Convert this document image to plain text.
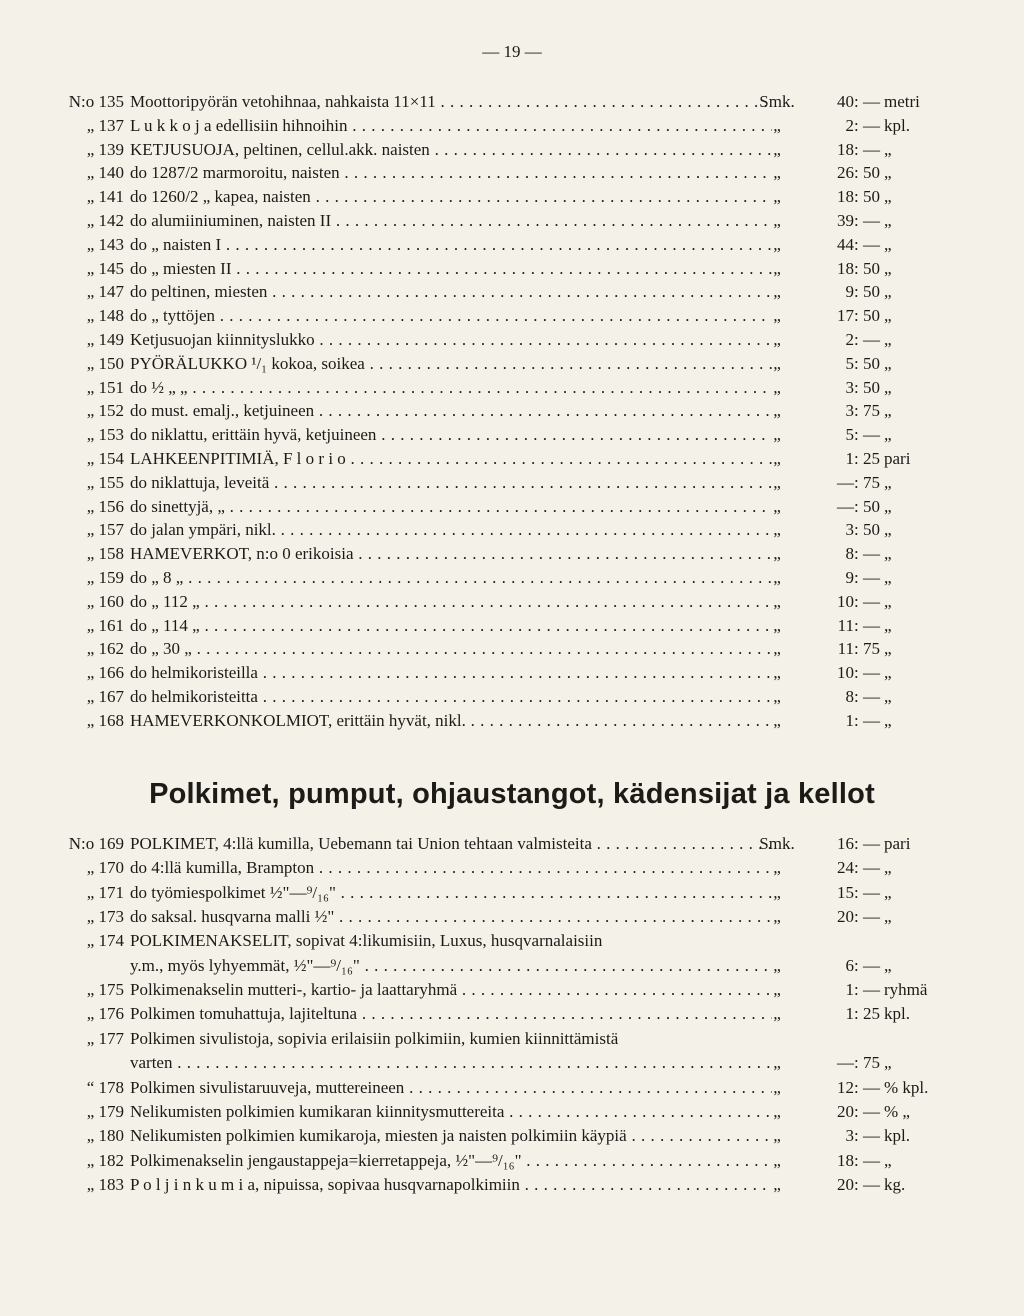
— 19 —
N:o 135 Moottoripyörän vetohihnaa, nahkaista 11×11 . . .	Smk.	40: — metri
„ 137 L u k k o j a edellisiin hihnoihin . . .	„	2: — kpl.
„ 139 KETJUSUOJA, peltinen, cellul.akk. naisten . . .	„	18: — „
„ 140 do 1287/2 marmoroitu, naisten . . .	„	26: 50 „
„ 141 do 1260/2 „ kapea, naisten . . .	„	18: 50 „
„ 142 do alumiiniuminen, naisten II . . .	„	39: — „
„ 143 do „ naisten I . . .	„	44: — „
„ 145 do „ miesten II . . .	„	18: 50 „
„ 147 do peltinen, miesten . . .	„	9: 50 „
„ 148 do „ tyttöjen . . .	„	17: 50 „
„ 149 Ketjusuojan kiinnityslukko . . .	„	2: — „
„ 150 PYÖRÄLUKKO ¹/₁ kokoa, soikea . . .	„	5: 50 „
„ 151 do ½ „ „ . . .	„	3: 50 „
„ 152 do must. emalj., ketjuineen . . .	„	3: 75 „
„ 153 do niklattu, erittäin hyvä, ketjuineen . . .	„	5: — „
„ 154 LAHKEENPITIMIÄ, F l o r i o . . .	„	1: 25 pari
„ 155 do niklattuja, leveitä . . .	„	—: 75 „
„ 156 do sinettyjä, „ . . .	„	—: 50 „
„ 157 do jalan ympäri, nikl. . . .	„	3: 50 „
„ 158 HAMEVERKOT, n:o 0 erikoisia . . .	„	8: — „
„ 159 do „ 8 „ . . .	„	9: — „
„ 160 do „ 112 „ . . .	„	10: — „
„ 161 do „ 114 „ . . .	„	11: — „
„ 162 do „ 30 „ . . .	„	11: 75 „
„ 166 do helmikoristeilla . . .	„	10: — „
„ 167 do helmikoristeitta . . .	„	8: — „
„ 168 HAMEVERKONKOLMIOT, erittäin hyvät, nikl. . . .	„	1: — „
Polkimet, pumput, ohjaustangot, kädensijat ja kellot
N:o 169 POLKIMET, 4:llä kumilla, Uebemann tai Union tehtaan valmisteita . . .	Smk.	16: — pari
„ 170 do 4:llä kumilla, Brampton . . .	„	24: — „
„ 171 do työmiespolkimet ½"—⁹/₁₆" . . .	„	15: — „
„ 173 do saksal. husqvarna malli ½" . . .	„	20: — „
„ 174 POLKIMENAKSELIT, sopivat 4:likumisiin, Luxus, husqvarnalaisiin
y.m., myös lyhyemmät, ½"—⁹/₁₆" . . .	„	6: — „
„ 175 Polkimenakselin mutteri-, kartio- ja laattaryhmä . . .	„	1: — ryhmä
„ 176 Polkimen tomuhattuja, lajiteltuna . . .	„	1: 25 kpl.
„ 177 Polkimen sivulistoja, sopivia erilaisiin polkimiin, kumien kiinnittämistä
varten . . .	„	—: 75 „
“ 178 Polkimen sivulistaruuveja, muttereineen . . .	„	12: — % kpl.
„ 179 Nelikumisten polkimien kumikaran kiinnitysmuttereita . . .	„	20: — % „
„ 180 Nelikumisten polkimien kumikaroja, miesten ja naisten polkimiin käypiä . . .	„	3: — kpl.
„ 182 Polkimenakselin jengaustappeja=kierretappeja, ½"—⁹/₁₆" . . .	„	18: — „
„ 183 P o l j i n k u m i a, nipuissa, sopivaa husqvarnapolkimiin . . .	„	20: — kg.
